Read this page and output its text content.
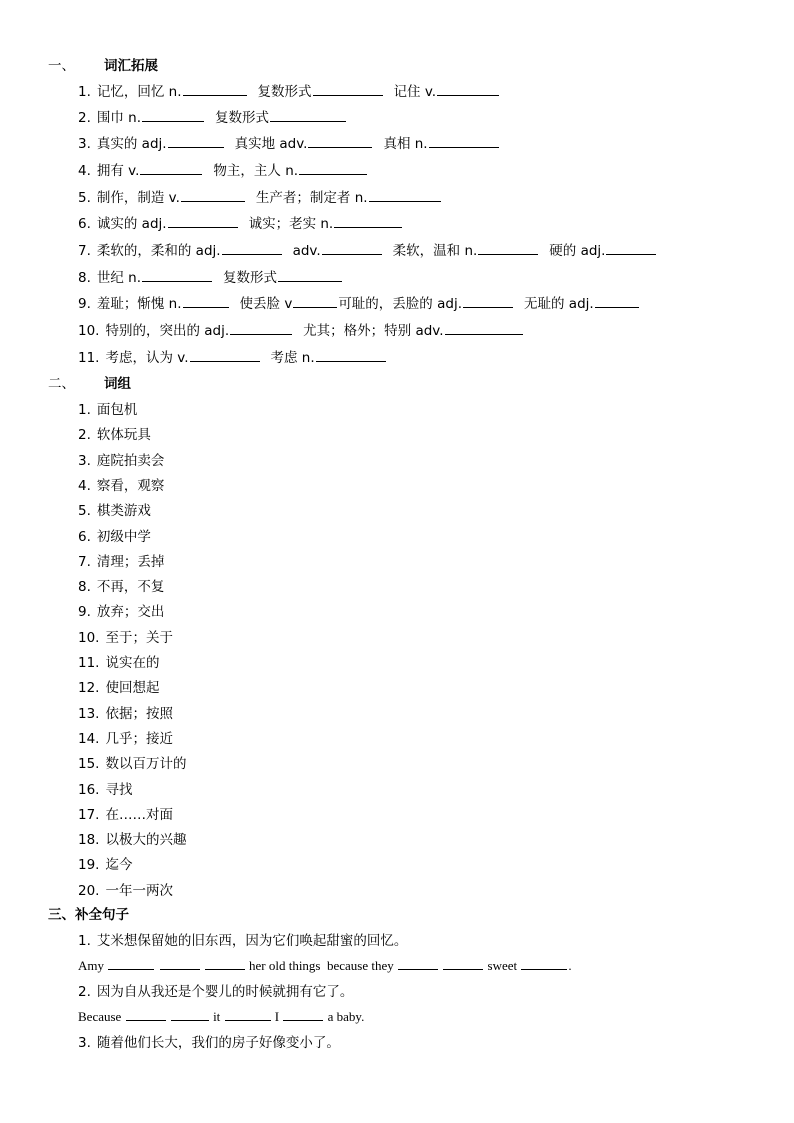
一、 词汇拓展
1. 记忆，回忆 n.	复数形式	记住 v.
2. 围巾 n.	复数形式
3. 真实的 adj.	真实地 adv.	真相 n.
4. 拥有 v.	物主，主人 n.
5. 制作，制造 v.	生产者；制定者 n.
6. 诚实的 adj.	诚实；老实 n.
7. 柔软的，柔和的 adj.	adv.	柔软，温和 n.	硬的 adj.
8. 世纪 n.	复数形式
9. 羞耻；惭愧 n.	使丢脸 v	可耻的，丢脸的 adj.	无耻的 adj.
10. 特别的，突出的 adj.	尤其；格外；特别 adv.
11. 考虑，认为 v.	考虑 n.
二、 词组
1. 面包机
2. 软体玩具
3. 庭院拍卖会
4. 察看，观察
5. 棋类游戏
6. 初级中学
7. 清理；丢掉
8. 不再，不复
9. 放弃；交出
10. 至于；关于
11. 说实在的
12. 使回想起
13. 依据；按照
14. 几乎；接近
15. 数以百万计的
16. 寻找
17. 在……对面
18. 以极大的兴趣
19. 迄今
20. 一年一两次
三、补全句子
1. 艾米想保留她的旧东西，因为它们唤起甜蜜的回忆。
Amy	her old things because they	sweet	.
2. 因为自从我还是个婴儿的时候就拥有它了。
Because	it	I	a baby.
3. 随着他们长大，我们的房子好像变小了。
